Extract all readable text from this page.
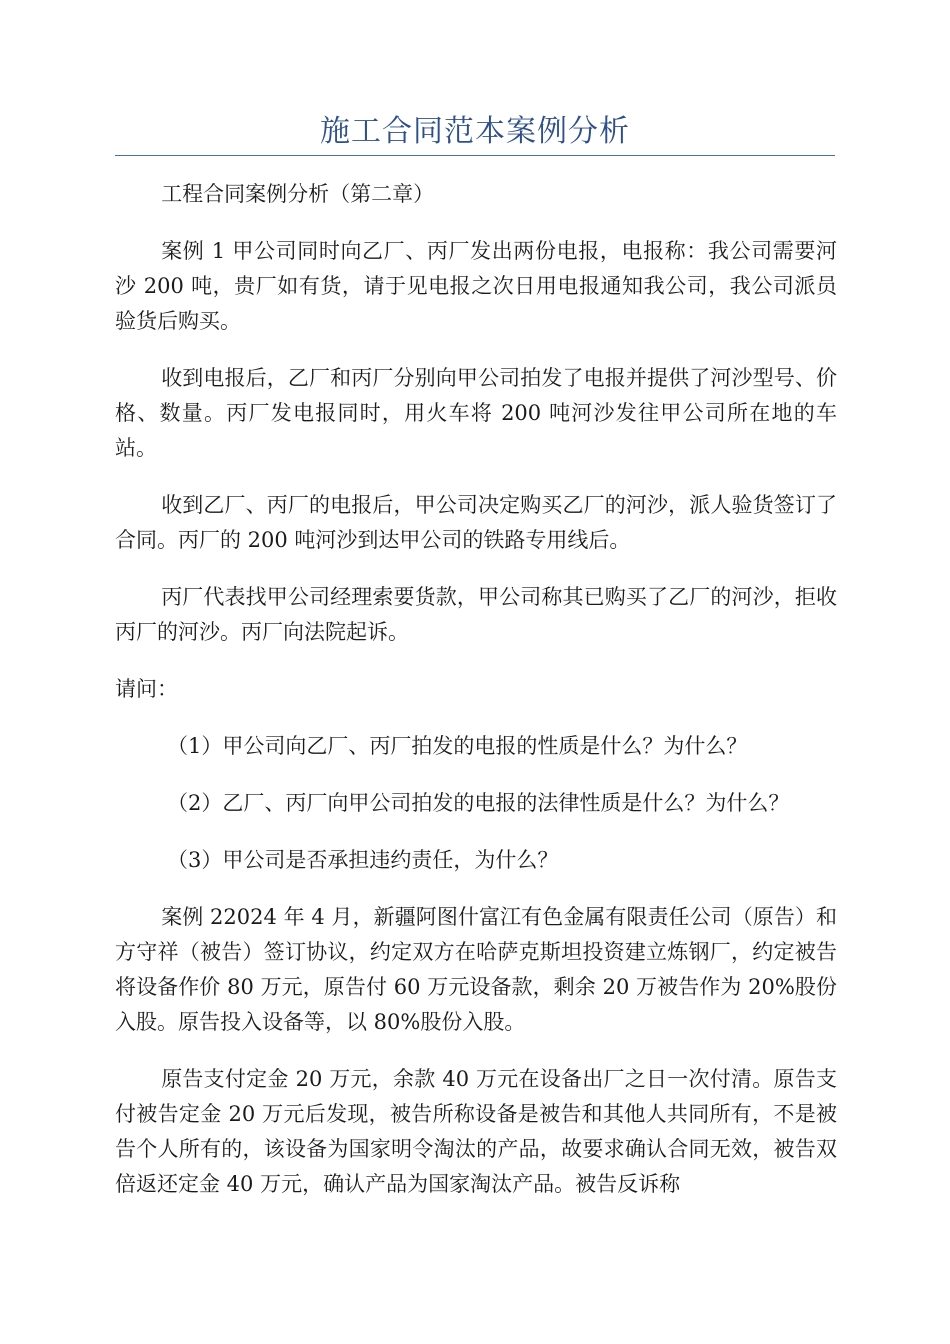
施工合同范本案例分析

工程合同案例分析（第二章）

案例 1 甲公司同时向乙厂、丙厂发出两份电报，电报称：我公司需要河沙 200 吨，贵厂如有货，请于见电报之次日用电报通知我公司，我公司派员验货后购买。

收到电报后，乙厂和丙厂分别向甲公司拍发了电报并提供了河沙型号、价格、数量。丙厂发电报同时，用火车将 200 吨河沙发往甲公司所在地的车站。

收到乙厂、丙厂的电报后，甲公司决定购买乙厂的河沙，派人验货签订了合同。丙厂的 200 吨河沙到达甲公司的铁路专用线后。

丙厂代表找甲公司经理索要货款，甲公司称其已购买了乙厂的河沙，拒收丙厂的河沙。丙厂向法院起诉。

请问：

（1）甲公司向乙厂、丙厂拍发的电报的性质是什么？为什么？

（2）乙厂、丙厂向甲公司拍发的电报的法律性质是什么？为什么？

（3）甲公司是否承担违约责任，为什么？

案例 22024 年 4 月，新疆阿图什富江有色金属有限责任公司（原告）和方守祥（被告）签订协议，约定双方在哈萨克斯坦投资建立炼钢厂，约定被告将设备作价 80 万元，原告付 60 万元设备款，剩余 20 万被告作为 20%股份入股。原告投入设备等，以 80%股份入股。

原告支付定金 20 万元，余款 40 万元在设备出厂之日一次付清。原告支付被告定金 20 万元后发现，被告所称设备是被告和其他人共同所有，不是被告个人所有的，该设备为国家明令淘汰的产品，故要求确认合同无效，被告双倍返还定金 40 万元，确认产品为国家淘汰产品。被告反诉称
